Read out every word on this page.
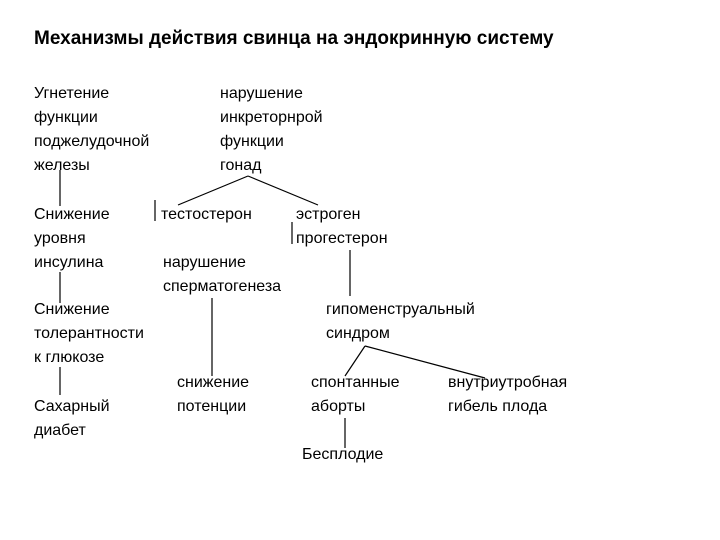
Механизмы действия свинца на эндокринную систему
Угнетение
функции
поджелудочной
железы
нарушение
инкреторнрой
функции
гонад
Снижение
уровня
инсулина
тестостерон	эстроген
прогестерон
нарушение
сперматогенеза
Снижение
толерантности
к глюкозе
гипоменструальный
синдром
Сахарный
диабет
снижение
потенции
спонтанные
аборты
внутриутробная
гибель плода
Бесплодие
